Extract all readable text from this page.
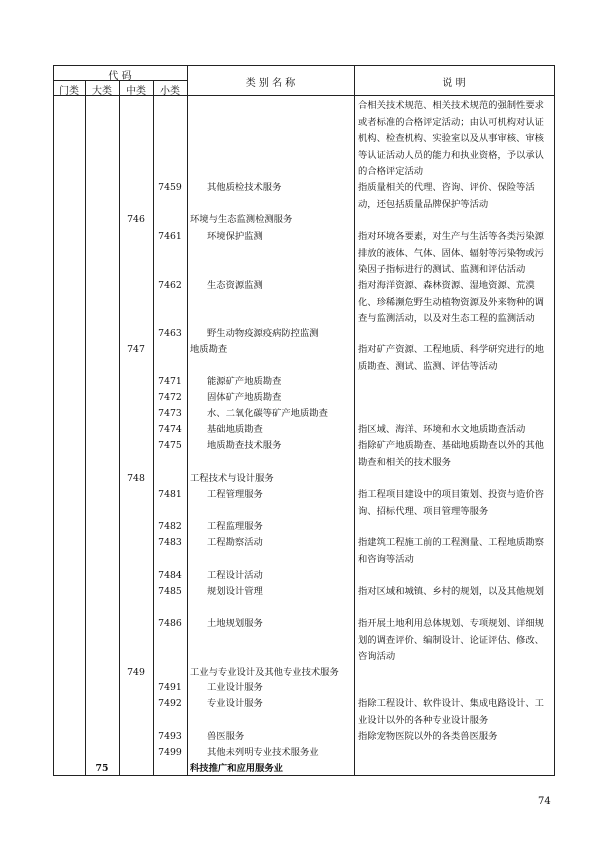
代 码
门类	大类	中类	小类
类 别 名 称	说 明
合相关技术规范、相关技术规范的强制性要求或者标准的合格评定活动；由认可机构对认证机构、检查机构、实验室以及从事审核、审核等认证活动人员的能力和执业资格，予以承认的合格评定活动
7459	其他质检技术服务	指质量相关的代理、咨询、评价、保险等活动，还包括质量品牌保护等活动
746	环境与生态监测检测服务
7461	环境保护监测	指对环境各要素，对生产与生活等各类污染源排放的液体、气体、固体、辐射等污染物或污染因子指标进行的测试、监测和评估活动
7462	生态资源监测	指对海洋资源、森林资源、湿地资源、荒漠化、珍稀濒危野生动植物资源及外来物种的调查与监测活动，以及对生态工程的监测活动
7463	野生动物疫源疫病防控监测
747	地质勘查	指对矿产资源、工程地质、科学研究进行的地质勘查、测试、监测、评估等活动
7471	能源矿产地质勘查
7472	固体矿产地质勘查
7473	水、二氧化碳等矿产地质勘查
7474	基础地质勘查	指区域、海洋、环境和水文地质勘查活动
7475	地质勘查技术服务	指除矿产地质勘查、基础地质勘查以外的其他勘查和相关的技术服务
748	工程技术与设计服务
7481	工程管理服务	指工程项目建设中的项目策划、投资与造价咨询、招标代理、项目管理等服务
7482	工程监理服务
7483	工程勘察活动	指建筑工程施工前的工程测量、工程地质勘察和咨询等活动
7484	工程设计活动
7485	规划设计管理	指对区域和城镇、乡村的规划，以及其他规划
7486	土地规划服务	指开展土地利用总体规划、专项规划、详细规划的调查评价、编制设计、论证评估、修改、咨询活动
749	工业与专业设计及其他专业技术服务
7491	工业设计服务
7492	专业设计服务	指除工程设计、软件设计、集成电路设计、工业设计以外的各种专业设计服务
7493	兽医服务	指除宠物医院以外的各类兽医服务
7499	其他未列明专业技术服务业
75	科技推广和应用服务业
74
